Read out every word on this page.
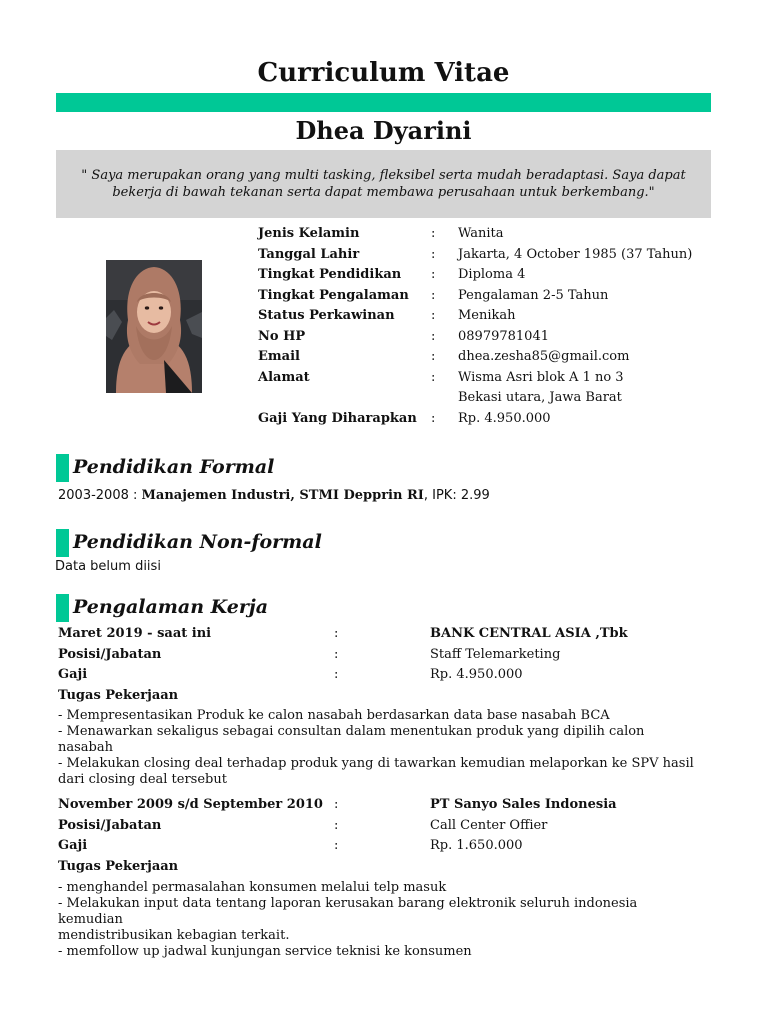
Curriculum Vitae
Dhea Dyarini
" Saya merupakan orang yang multi tasking, fleksibel serta mudah beradaptasi. Saya dapat bekerja di bawah tekanan serta dapat membawa perusahaan untuk berkembang."
Jenis Kelamin	: Wanita
Tanggal Lahir	: Jakarta, 4 October 1985 (37 Tahun)
Tingkat Pendidikan : Diploma 4
Tingkat Pengalaman : Pengalaman 2-5 Tahun
Status Perkawinan	: Menikah
No HP	: 08979781041
Email	: dhea.zesha85@gmail.com
Alamat	: Wisma Asri blok A 1 no 3
Bekasi utara, Jawa Barat
Gaji Yang Diharapkan : Rp. 4.950.000
Pendidikan Formal
2003-2008 : Manajemen Industri, STMI Depprin RI, IPK: 2.99
Pendidikan Non-formal
Data belum diisi
Pengalaman Kerja
Maret 2019 - saat ini	:	BANK CENTRAL ASIA ,Tbk
Posisi/Jabatan	:	Staff Telemarketing
Gaji	:	Rp. 4.950.000
Tugas Pekerjaan
- Mempresentasikan Produk ke calon nasabah berdasarkan data base nasabah BCA
- Menawarkan sekaligus sebagai consultan dalam menentukan produk yang dipilih calon nasabah
- Melakukan closing deal terhadap produk yang di tawarkan kemudian melaporkan ke SPV hasil
dari closing deal tersebut
November 2009 s/d September 2010 :	PT Sanyo Sales Indonesia
Posisi/Jabatan	:	Call Center Offier
Gaji	:	Rp. 1.650.000
Tugas Pekerjaan
- menghandel permasalahan konsumen melalui telp masuk
- Melakukan input data tentang laporan kerusakan barang elektronik seluruh indonesia kemudian
mendistribusikan kebagian terkait.
- memfollow up jadwal kunjungan service teknisi ke konsumen
